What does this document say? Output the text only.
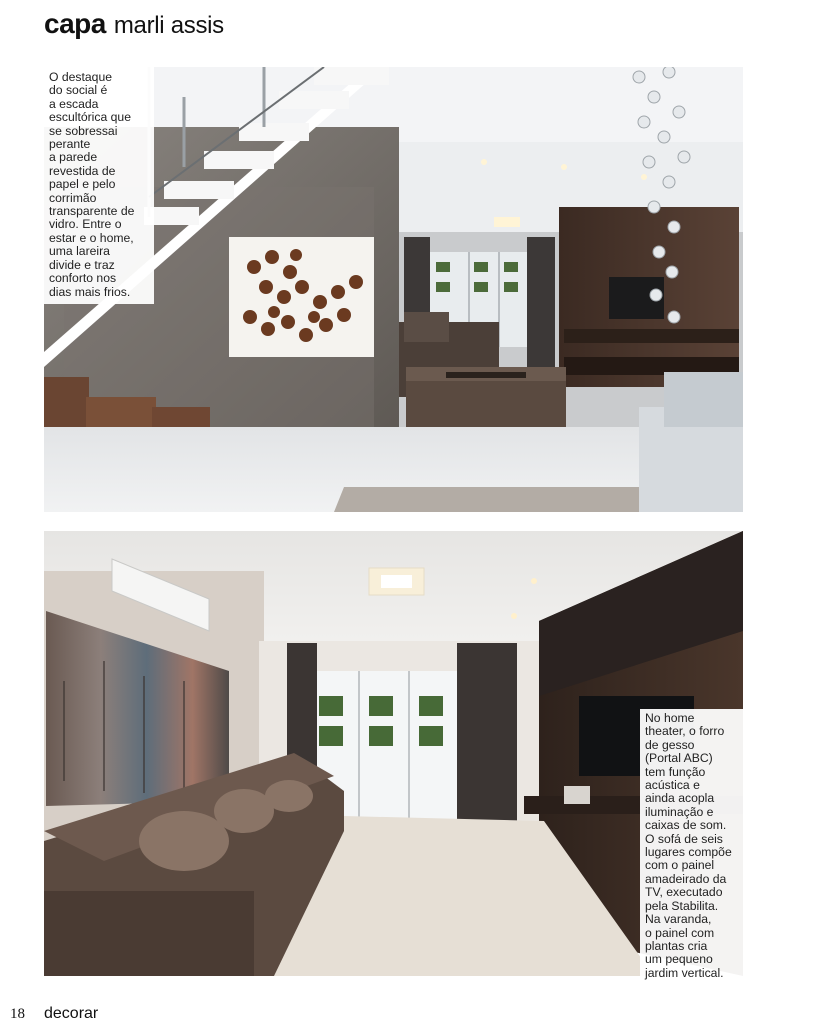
capa marli assis
O destaque
do social é
a escada
escultórica que
se sobressai
perante
a parede
revestida de
papel e pelo
corrimão
transparente de
vidro. Entre o
estar e o home,
uma lareira
divide e traz
conforto nos
dias mais frios.
No home
theater, o forro
de gesso
(Portal ABC)
tem função
acústica e
ainda acopla
iluminação e
caixas de som.
O sofá de seis
lugares compõe
com o painel
amadeirado da
TV, executado
pela Stabilita.
Na varanda,
o painel com
plantas cria
um pequeno
jardim vertical.
18 decorar
